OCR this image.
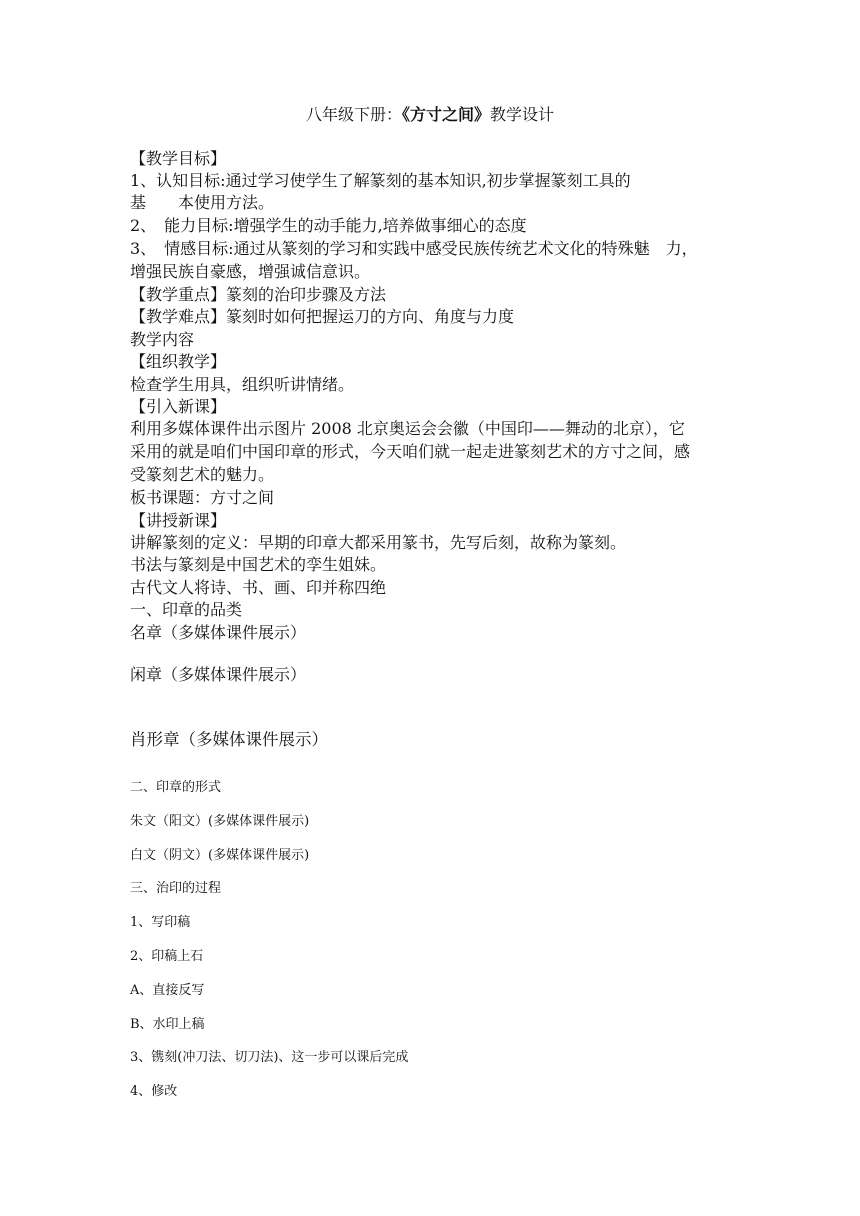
八年级下册：《方寸之间》教学设计
【教学目标】
1、认知目标:通过学习使学生了解篆刻的基本知识,初步掌握篆刻工具的
基　　本使用方法。
2、　能力目标:增强学生的动手能力,培养做事细心的态度
3、　情感目标:通过从篆刻的学习和实践中感受民族传统艺术文化的特殊魅　力，
增强民族自豪感，增强诚信意识。
【教学重点】篆刻的治印步骤及方法
【教学难点】篆刻时如何把握运刀的方向、角度与力度
教学内容
【组织教学】
检查学生用具，组织听讲情绪。
【引入新课】
利用多媒体课件出示图片 2008 北京奥运会会徽（中国印——舞动的北京），它
采用的就是咱们中国印章的形式，今天咱们就一起走进篆刻艺术的方寸之间，感
受篆刻艺术的魅力。
板书课题：方寸之间
【讲授新课】
讲解篆刻的定义：早期的印章大都采用篆书，先写后刻，故称为篆刻。
书法与篆刻是中国艺术的孪生姐妹。
古代文人将诗、书、画、印并称四绝
一、印章的品类
名章（多媒体课件展示）
闲章（多媒体课件展示）
肖形章（多媒体课件展示）
二、印章的形式
朱文（阳文）(多媒体课件展示)
白文（阴文）(多媒体课件展示)
三、治印的过程
1、写印稿
2、印稿上石
A、直接反写
B、水印上稿
3、镌刻(冲刀法、切刀法)、这一步可以课后完成
4、修改
